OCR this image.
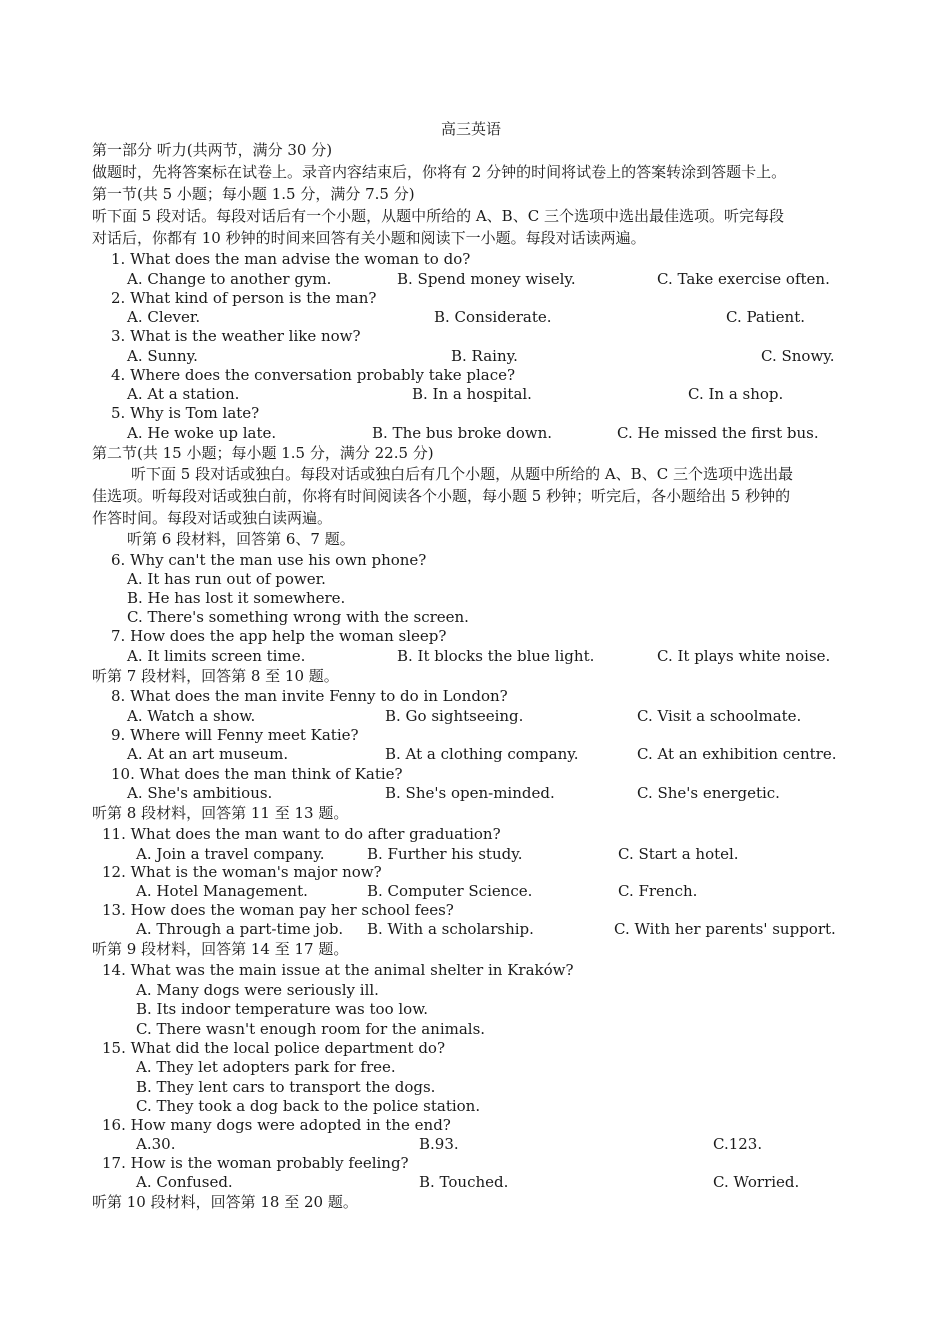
高三英语
第一部分 听力(共两节，满分 30 分)
做题时，先将答案标在试卷上。录音内容结束后，你将有 2 分钟的时间将试卷上的答案转涂到答题卡上。
第一节(共 5 小题；每小题 1.5 分，满分 7.5 分)
听下面 5 段对话。每段对话后有一个小题，从题中所给的 A、B、C 三个选项中选出最佳选项。听完每段
对话后，你都有 10 秒钟的时间来回答有关小题和阅读下一小题。每段对话读两遍。
1. What does the man advise the woman to do?
A. Change to another gym.	B. Spend money wisely.	C. Take exercise often.
2. What kind of person is the man?
A. Clever.	B. Considerate.	C. Patient.
3. What is the weather like now?
A. Sunny.	B. Rainy.	C. Snowy.
4. Where does the conversation probably take place?
A. At a station.	B. In a hospital.	C. In a shop.
5. Why is Tom late?
A. He woke up late.	B. The bus broke down.	C. He missed the first bus.
第二节(共 15 小题；每小题 1.5 分，满分 22.5 分)
听下面 5 段对话或独白。每段对话或独白后有几个小题，从题中所给的 A、B、C 三个选项中选出最
佳选项。听每段对话或独白前，你将有时间阅读各个小题，每小题 5 秒钟；听完后，各小题给出 5 秒钟的
作答时间。每段对话或独白读两遍。
听第 6 段材料，回答第 6、7 题。
6. Why can't the man use his own phone?
A. It has run out of power.
B. He has lost it somewhere.
C. There's something wrong with the screen.
7. How does the app help the woman sleep?
A. It limits screen time.	B. It blocks the blue light.	C. It plays white noise.
听第 7 段材料，回答第 8 至 10 题。
8. What does the man invite Fenny to do in London?
A. Watch a show.	B. Go sightseeing.	C. Visit a schoolmate.
9. Where will Fenny meet Katie?
A. At an art museum.	B. At a clothing company.	C. At an exhibition centre.
10. What does the man think of Katie?
A. She's ambitious.	B. She's open-minded.	C. She's energetic.
听第 8 段材料，回答第 11 至 13 题。
11. What does the man want to do after graduation?
A. Join a travel company.	B. Further his study.	C. Start a hotel.
12. What is the woman's major now?
A. Hotel Management.	B. Computer Science.	C. French.
13. How does the woman pay her school fees?
A. Through a part-time job. B. With a scholarship.	C. With her parents' support.
听第 9 段材料，回答第 14 至 17 题。
14. What was the main issue at the animal shelter in Kraków?
A. Many dogs were seriously ill.
B. Its indoor temperature was too low.
C. There wasn't enough room for the animals.
15. What did the local police department do?
A. They let adopters park for free.
B. They lent cars to transport the dogs.
C. They took a dog back to the police station.
16. How many dogs were adopted in the end?
A.30.	B.93.	C.123.
17. How is the woman probably feeling?
A. Confused.	B. Touched.	C. Worried.
听第 10 段材料，回答第 18 至 20 题。
